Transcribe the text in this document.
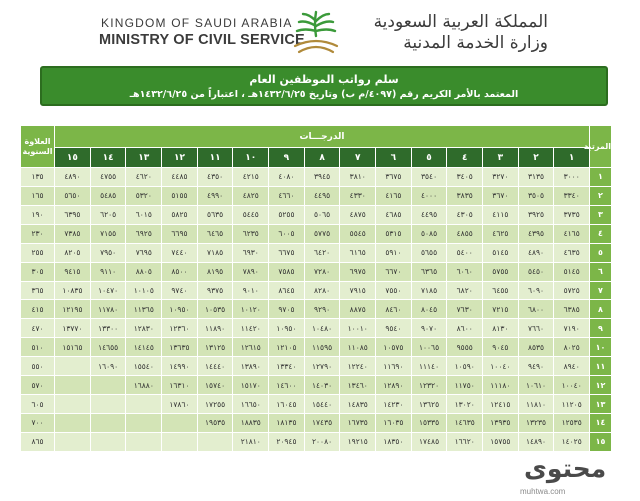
KINGDOM OF SAUDI ARABIA
MINISTRY OF CIVIL SERVICE
المملكة العربية السعودية
وزارة الخدمة المدنية
سلم رواتب الموظفين العام
المعتمد بالأمر الكريم رقم (٤٠٩٧/م ب) وتاريخ ١٤٣٢/٦/٢٥هـ ، اعتباراً من ١٤٣٢/٦/٢٥هـ
المرتبة	الدرجـــات															العلاوة السنوية
	١	٢	٣	٤	٥	٦	٧	٨	٩	١٠	١١	١٢	١٣	١٤	١٥	
١	٣٠٠٠	٣١٣٥	٣٢٧٠	٣٤٠٥	٣٥٤٠	٣٦٧٥	٣٨١٠	٣٩٤٥	٤٠٨٠	٤٢١٥	٤٣٥٠	٤٤٨٥	٤٦٢٠	٤٧٥٥	٤٨٩٠	١٣٥
٢	٣٣٤٠	٣٥٠٥	٣٦٧٠	٣٨٣٥	٤٠٠٠	٤١٦٥	٤٣٣٠	٤٤٩٥	٤٦٦٠	٤٨٢٥	٤٩٩٠	٥١٥٥	٥٣٢٠	٥٤٨٥	٥٦٥٠	١٦٥
٣	٣٧٣٥	٣٩٢٥	٤١١٥	٤٣٠٥	٤٤٩٥	٤٦٨٥	٤٨٧٥	٥٠٦٥	٥٢٥٥	٥٤٤٥	٥٦٣٥	٥٨٢٥	٦٠١٥	٦٢٠٥	٦٣٩٥	١٩٠
٤	٤١٦٥	٤٣٩٥	٤٦٢٥	٤٨٥٥	٥٠٨٥	٥٣١٥	٥٥٤٥	٥٧٧٥	٦٠٠٥	٦٢٣٥	٦٤٦٥	٦٦٩٥	٦٩٢٥	٧١٥٥	٧٣٨٥	٢٣٠
٥	٤٦٣٥	٤٨٩٠	٥١٤٥	٥٤٠٠	٥٦٥٥	٥٩١٠	٦١٦٥	٦٤٢٠	٦٦٧٥	٦٩٣٠	٧١٨٥	٧٤٤٠	٧٦٩٥	٧٩٥٠	٨٢٠٥	٢٥٥
٦	٥١٤٥	٥٤٥٠	٥٧٥٥	٦٠٦٠	٦٣٦٥	٦٦٧٠	٦٩٧٥	٧٢٨٠	٧٥٨٥	٧٨٩٠	٨١٩٥	٨٥٠٠	٨٨٠٥	٩١١٠	٩٤١٥	٣٠٥
٧	٥٧٢٥	٦٠٩٠	٦٤٥٥	٦٨٢٠	٧١٨٥	٧٥٥٠	٧٩١٥	٨٢٨٠	٨٦٤٥	٩٠١٠	٩٣٧٥	٩٧٤٠	١٠١٠٥	١٠٤٧٠	١٠٨٣٥	٣٦٥
٨	٦٣٨٥	٦٨٠٠	٧٢١٥	٧٦٣٠	٨٠٤٥	٨٤٦٠	٨٨٧٥	٩٢٩٠	٩٧٠٥	١٠١٢٠	١٠٥٣٥	١٠٩٥٠	١١٣٦٥	١١٧٨٠	١٢١٩٥	٤١٥
٩	٧١٩٠	٧٦٦٠	٨١٣٠	٨٦٠٠	٩٠٧٠	٩٥٤٠	١٠٠١٠	١٠٤٨٠	١٠٩٥٠	١١٤٢٠	١١٨٩٠	١٢٣٦٠	١٢٨٣٠	١٣٣٠٠	١٣٧٧٠	٤٧٠
١٠	٨٠٢٥	٨٥٣٥	٩٠٤٥	٩٥٥٥	١٠٠٦٥	١٠٥٧٥	١١٠٨٥	١١٥٩٥	١٢١٠٥	١٢٦١٥	١٣١٢٥	١٣٦٣٥	١٤١٤٥	١٤٦٥٥	١٥١٦٥	٥١٠
١١	٨٩٤٠	٩٤٩٠	١٠٠٤٠	١٠٥٩٠	١١١٤٠	١١٦٩٠	١٢٢٤٠	١٢٧٩٠	١٣٣٤٠	١٣٨٩٠	١٤٤٤٠	١٤٩٩٠	١٥٥٤٠	١٦٠٩٠		٥٥٠
١٢	١٠٠٤٠	١٠٦١٠	١١١٨٠	١١٧٥٠	١٢٣٢٠	١٢٨٩٠	١٣٤٦٠	١٤٠٣٠	١٤٦٠٠	١٥١٧٠	١٥٧٤٠	١٦٣١٠	١٦٨٨٠			٥٧٠
١٣	١١٢٠٥	١١٨١٠	١٢٤١٥	١٣٠٢٠	١٣٦٢٥	١٤٢٣٠	١٤٨٣٥	١٥٤٤٠	١٦٠٤٥	١٦٦٥٠	١٧٢٥٥	١٧٨٦٠				٦٠٥
١٤	١٢٥٣٥	١٣٢٣٥	١٣٩٣٥	١٤٦٣٥	١٥٣٣٥	١٦٠٣٥	١٦٧٣٥	١٧٤٣٥	١٨١٣٥	١٨٨٣٥	١٩٥٣٥					٧٠٠
١٥	١٤٠٢٥	١٤٨٩٠	١٥٧٥٥	١٦٦٢٠	١٧٤٨٥	١٨٣٥٠	١٩٢١٥	٢٠٠٨٠	٢٠٩٤٥	٢١٨١٠						٨٦٥
محتوى
muhtwa.com
